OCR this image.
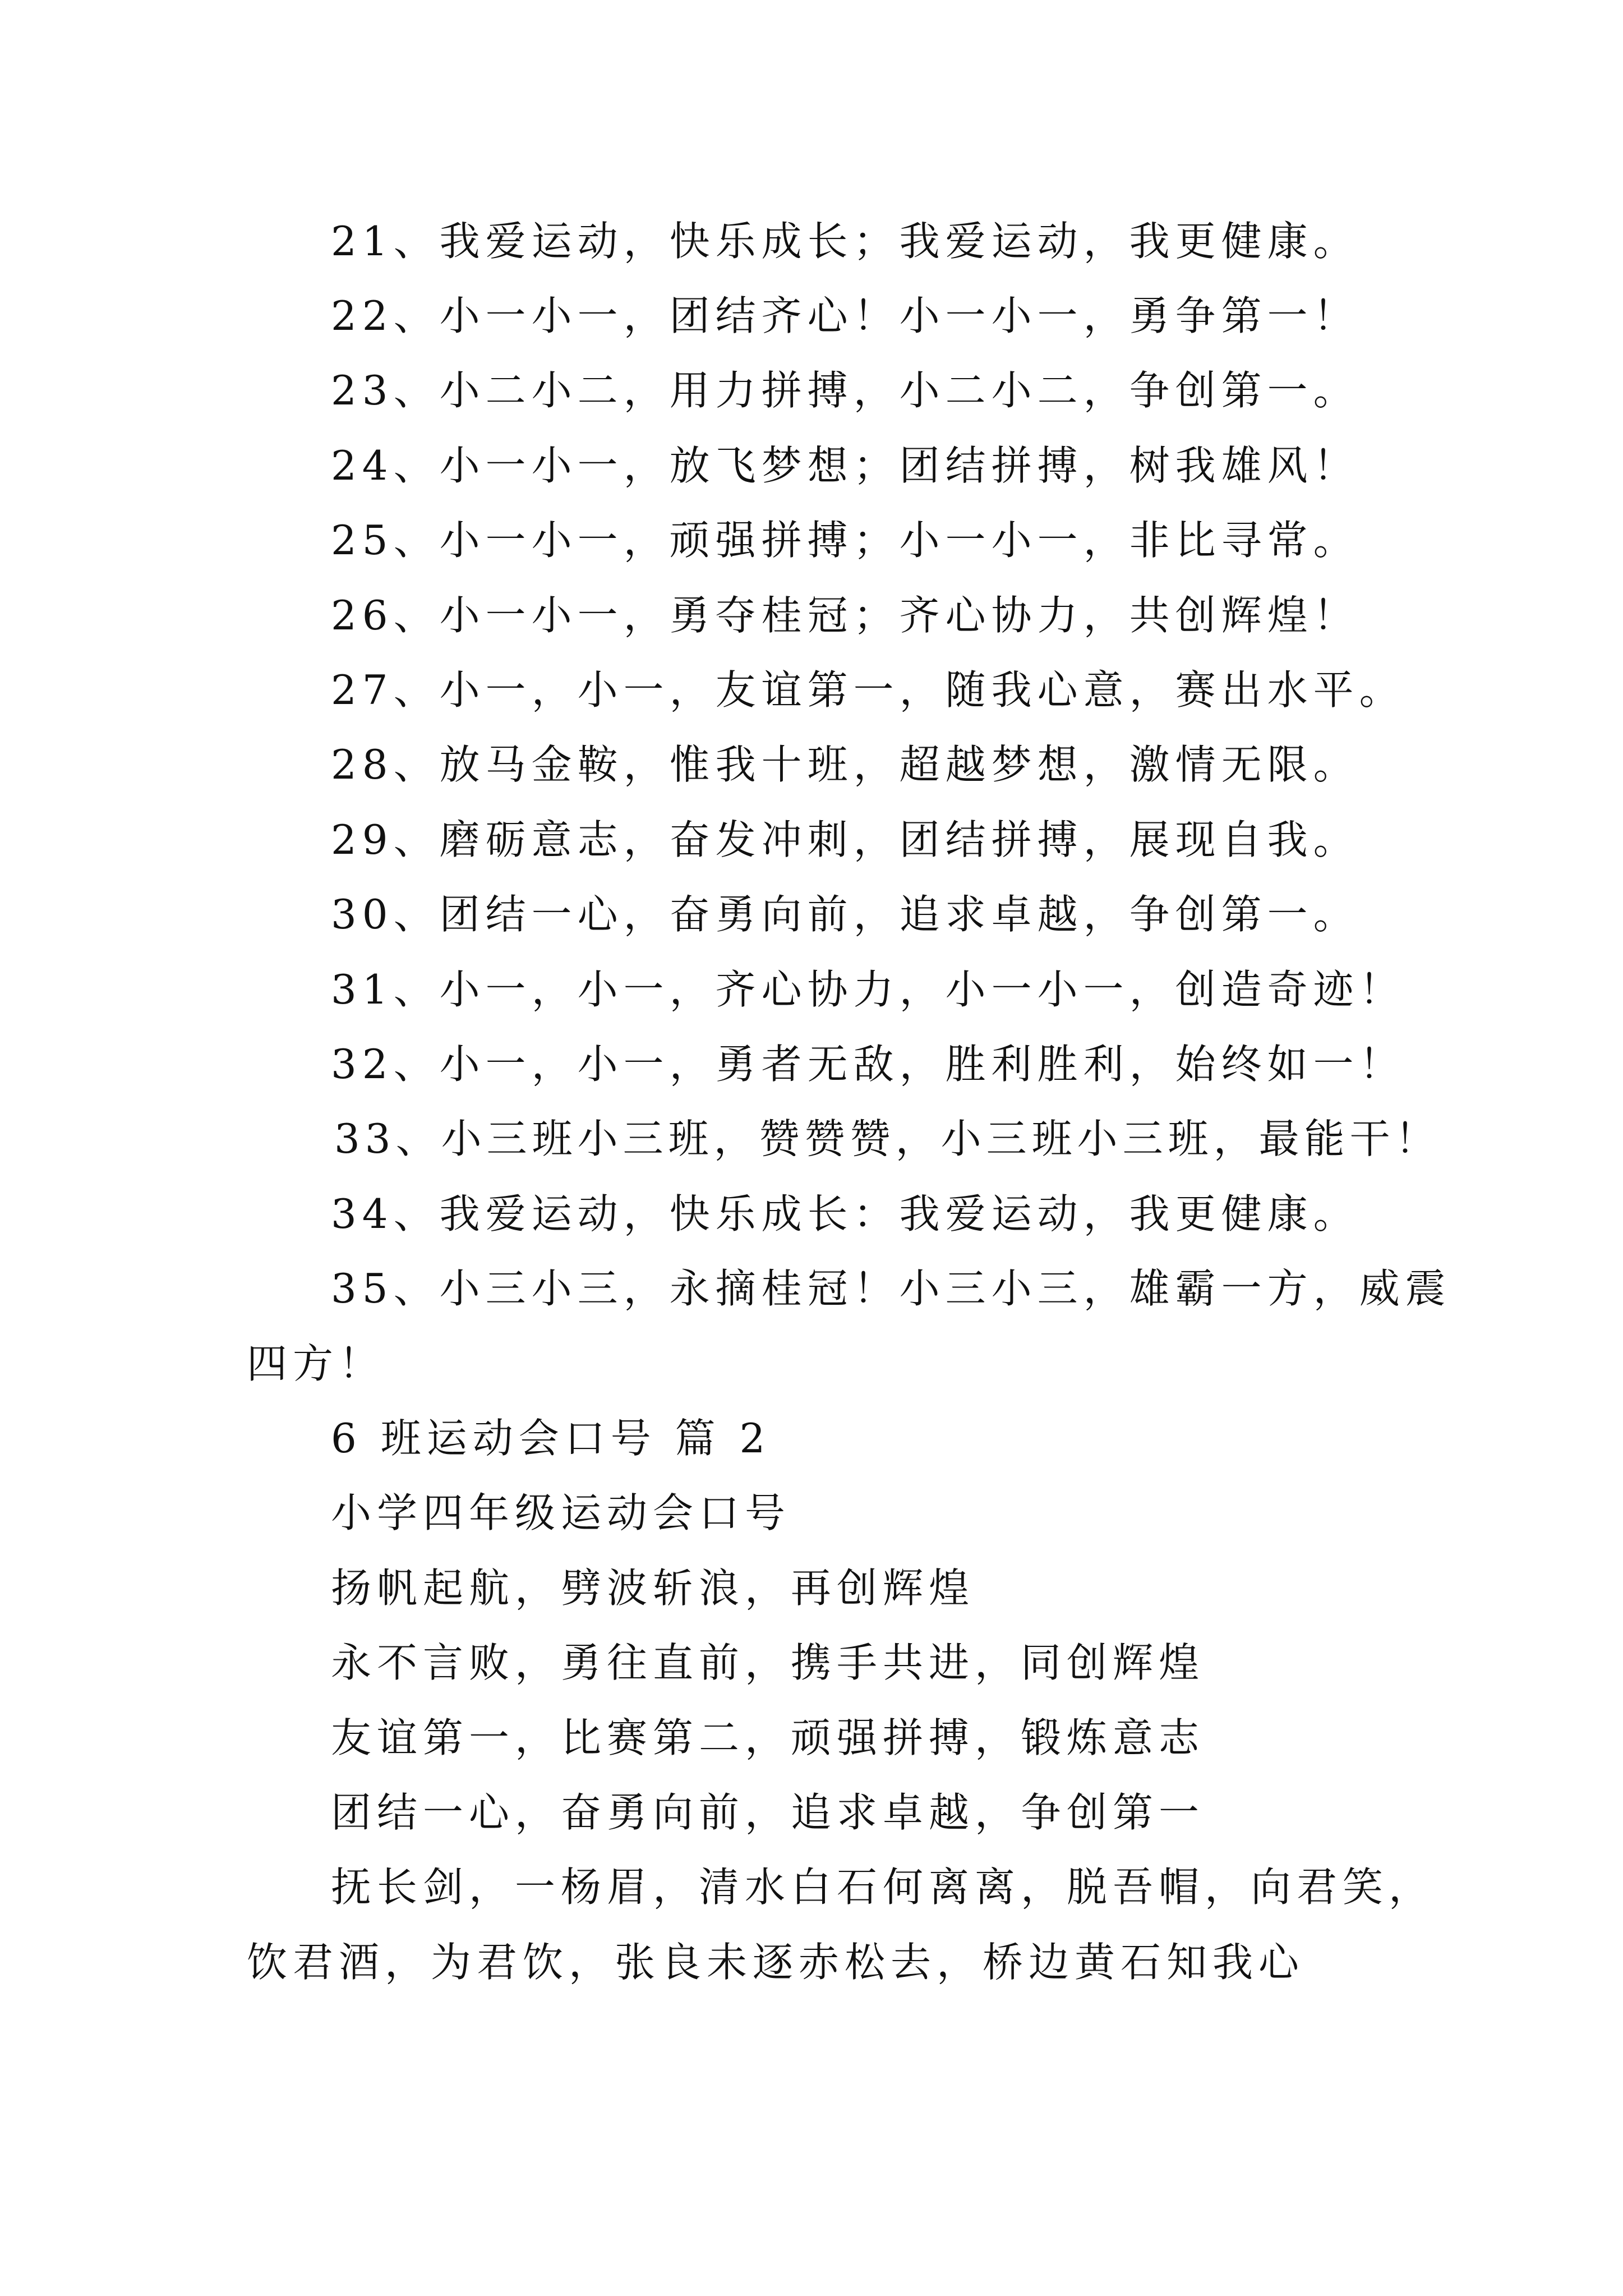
21、我爱运动，快乐成长；我爱运动，我更健康。
22、小一小一，团结齐心！小一小一，勇争第一！
23、小二小二，用力拼搏，小二小二，争创第一。
24、小一小一，放飞梦想；团结拼搏，树我雄风！
25、小一小一，顽强拼搏；小一小一，非比寻常。
26、小一小一，勇夺桂冠；齐心协力，共创辉煌！
27、小一，小一，友谊第一，随我心意，赛出水平。
28、放马金鞍，惟我十班，超越梦想，激情无限。
29、磨砺意志，奋发冲刺，团结拼搏，展现自我。
30、团结一心，奋勇向前，追求卓越，争创第一。
31、小一，小一，齐心协力，小一小一，创造奇迹！
32、小一，小一，勇者无敌，胜利胜利，始终如一！
33、小三班小三班，赞赞赞，小三班小三班，最能干！
34、我爱运动，快乐成长：我爱运动，我更健康。
35、小三小三，永摘桂冠！小三小三，雄霸一方，威震
四方！
6 班运动会口号 篇 2
小学四年级运动会口号
扬帆起航，劈波斩浪，再创辉煌
永不言败，勇往直前，携手共进，同创辉煌
友谊第一，比赛第二，顽强拼搏，锻炼意志
团结一心，奋勇向前，追求卓越，争创第一
抚长剑，一杨眉，清水白石何离离，脱吾帽，向君笑，
饮君酒，为君饮，张良未逐赤松去，桥边黄石知我心
